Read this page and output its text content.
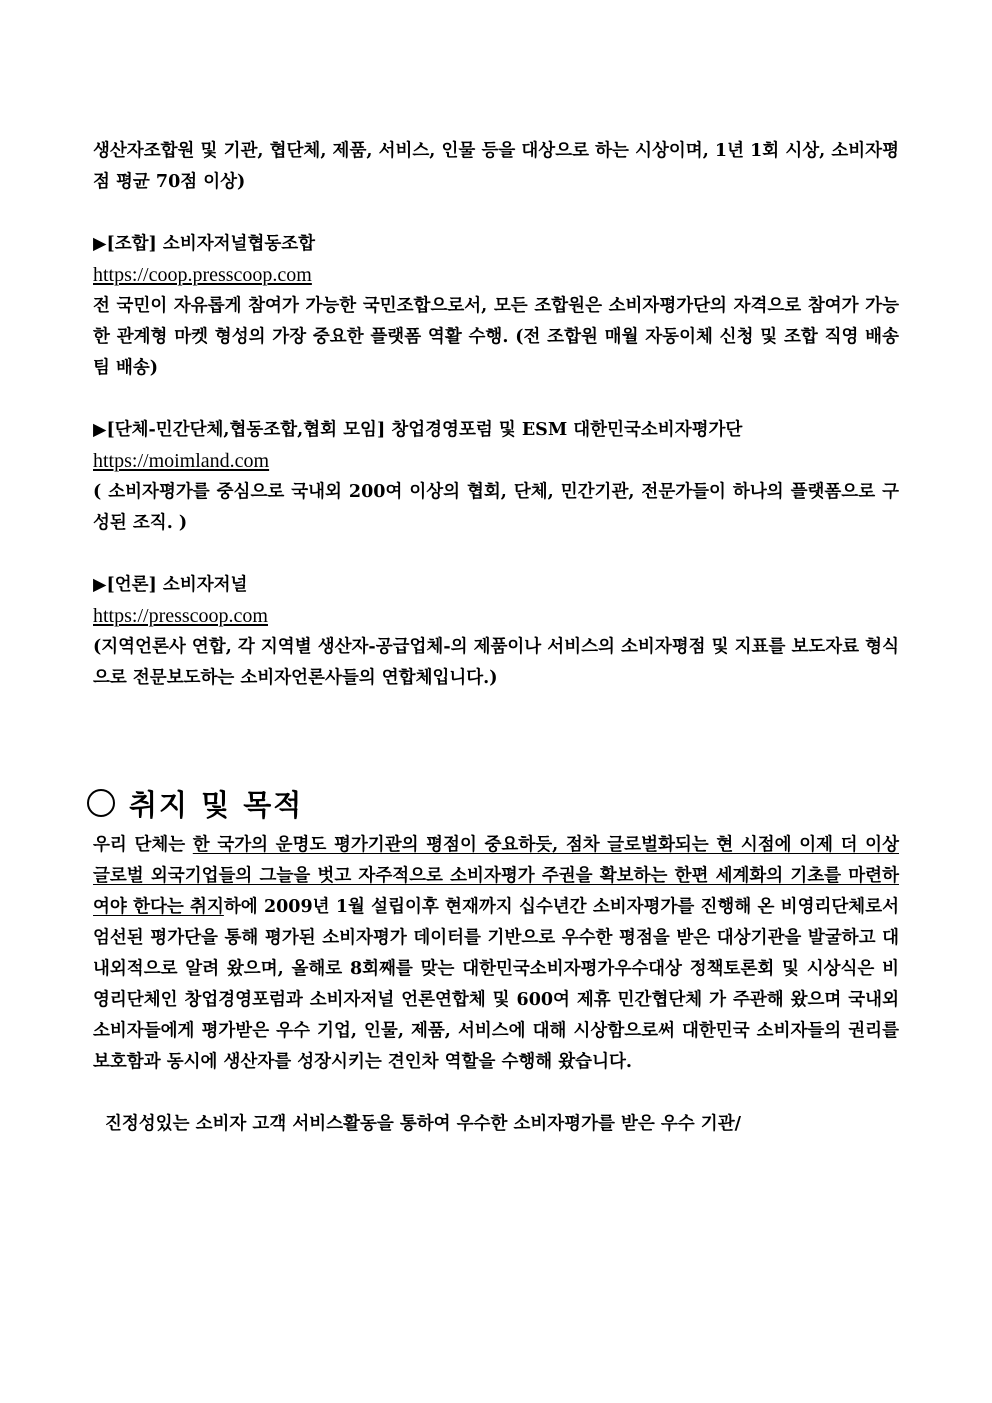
생산자조합원 및 기관, 협단체, 제품, 서비스, 인물 등을 대상으로 하는 시상이며, 1년 1회 시상, 소비자평점 평균 70점 이상)

▶[조합] 소비자저널협동조합

https://coop.presscoop.com

전 국민이 자유롭게 참여가 가능한 국민조합으로서, 모든 조합원은 소비자평가단의 자격으로 참여가 가능한 관계형 마켓 형성의 가장 중요한 플랫폼 역활 수행. (전 조합원 매월 자동이체 신청 및 조합 직영 배송팀 배송)

▶[단체-민간단체,협동조합,협회 모임] 창업경영포럼 및 ESM 대한민국소비자평가단

https://moimland.com

( 소비자평가를 중심으로 국내외 200여 이상의 협회, 단체, 민간기관, 전문가들이 하나의 플랫폼으로 구성된 조직. )

▶[언론] 소비자저널

https://presscoop.com

(지역언론사 연합, 각 지역별 생산자-공급업체-의 제품이나 서비스의 소비자평점 및 지표를 보도자료 형식으로 전문보도하는 소비자언론사들의 연합체입니다.)

취지 및 목적

우리 단체는 한 국가의 운명도 평가기관의 평점이 중요하듯, 점차 글로벌화되는 현 시점에 이제 더 이상 글로벌 외국기업들의 그늘을 벗고 자주적으로 소비자평가 주권을 확보하는 한편 세계화의 기초를 마련하여야 한다는 취지하에 2009년 1월 설립이후 현재까지 십수년간 소비자평가를 진행해 온 비영리단체로서 엄선된 평가단을 통해 평가된 소비자평가 데이터를 기반으로 우수한 평점을 받은 대상기관을 발굴하고 대내외적으로 알려 왔으며, 올해로 8회째를 맞는 대한민국소비자평가우수대상 정책토론회 및 시상식은 비영리단체인 창업경영포럼과 소비자저널 언론연합체 및 600여 제휴 민간협단체 가 주관해 왔으며 국내외 소비자들에게 평가받은 우수 기업, 인물, 제품, 서비스에 대해 시상함으로써 대한민국 소비자들의 권리를 보호함과 동시에 생산자를 성장시키는 견인차 역할을 수행해 왔습니다.

진정성있는 소비자 고객 서비스활동을 통하여 우수한 소비자평가를 받은 우수 기관/
